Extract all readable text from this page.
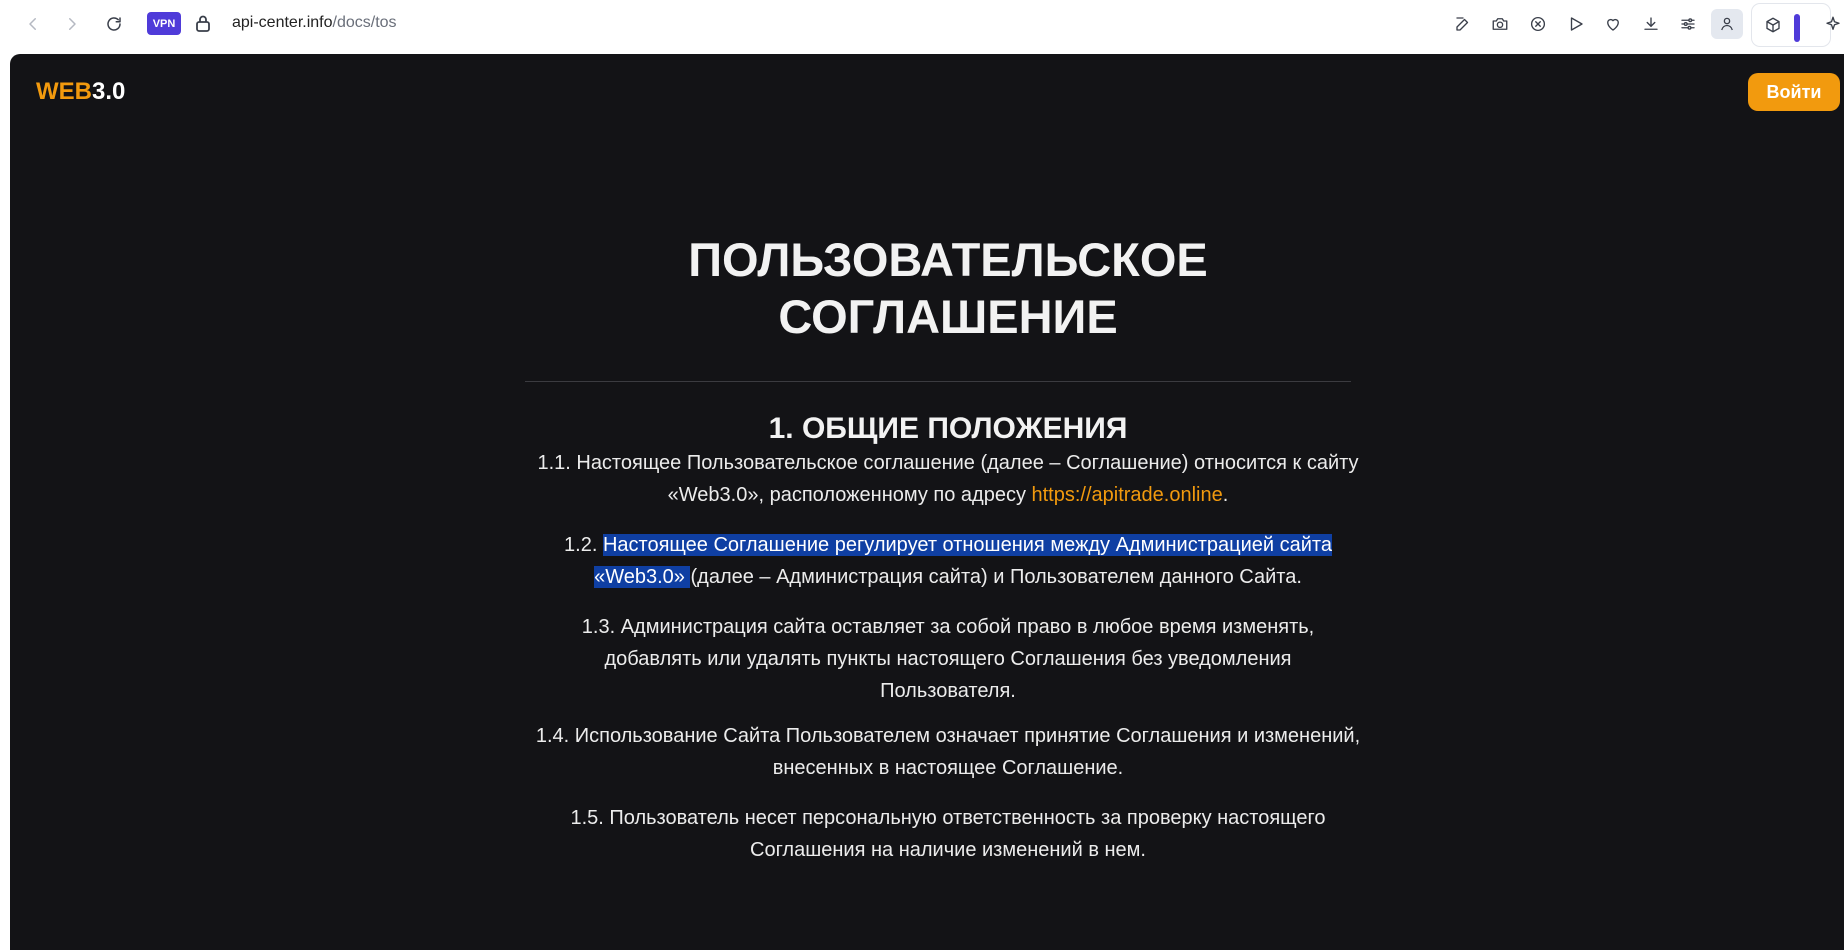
VPN	api-center.info/docs/tos
WEB3.0	Войти
ПОЛЬЗОВАТЕЛЬСКОЕ
СОГЛАШЕНИЕ
1. ОБЩИЕ ПОЛОЖЕНИЯ

1.1. Настоящее Пользовательское соглашение (далее – Соглашение) относится к сайту «Web3.0», расположенному по адресу https://apitrade.online.

1.2. Настоящее Соглашение регулирует отношения между Администрацией сайта «Web3.0» (далее – Администрация сайта) и Пользователем данного Сайта.

1.3. Администрация сайта оставляет за собой право в любое время изменять, добавлять или удалять пункты настоящего Соглашения без уведомления Пользователя.

1.4. Использование Сайта Пользователем означает принятие Соглашения и изменений, внесенных в настоящее Соглашение.

1.5. Пользователь несет персональную ответственность за проверку настоящего Соглашения на наличие изменений в нем.
